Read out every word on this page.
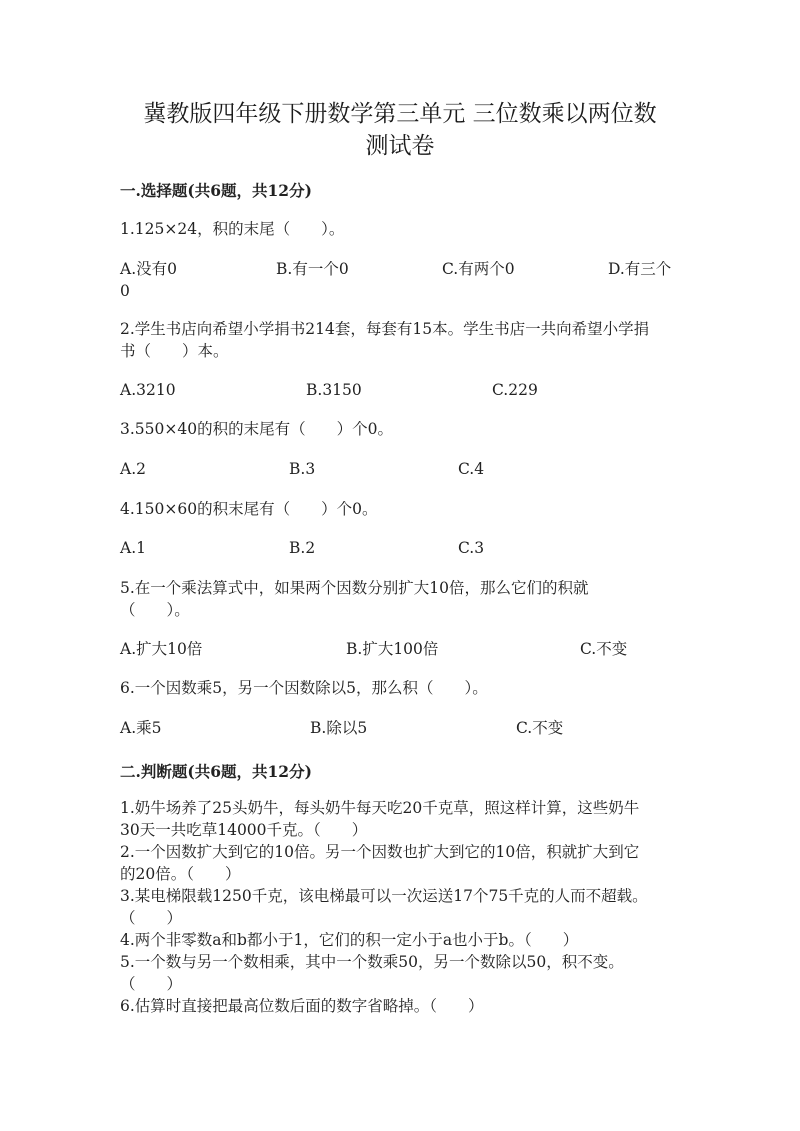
冀教版四年级下册数学第三单元 三位数乘以两位数
测试卷
一.选择题(共6题，共12分)
1.125×24，积的末尾（　　）。
A.没有0	B.有一个0	C.有两个0	D.有三个
0
2.学生书店向希望小学捐书214套，每套有15本。学生书店一共向希望小学捐
书（　　）本。
A.3210	B.3150	C.229
3.550×40的积的末尾有（　　）个0。
A.2	B.3	C.4
4.150×60的积末尾有（　　）个0。
A.1	B.2	C.3
5.在一个乘法算式中，如果两个因数分别扩大10倍，那么它们的积就
（　　）。
A.扩大10倍	B.扩大100倍	C.不变
6.一个因数乘5，另一个因数除以5，那么积（　　）。
A.乘5	B.除以5	C.不变
二.判断题(共6题，共12分)
1.奶牛场养了25头奶牛，每头奶牛每天吃20千克草，照这样计算，这些奶牛
30天一共吃草14000千克。（　　）
2.一个因数扩大到它的10倍。另一个因数也扩大到它的10倍，积就扩大到它
的20倍。（　　）
3.某电梯限载1250千克，该电梯最可以一次运送17个75千克的人而不超载。
（　　）
4.两个非零数a和b都小于1，它们的积一定小于a也小于b。（　　）
5.一个数与另一个数相乘，其中一个数乘50，另一个数除以50，积不变。
（　　）
6.估算时直接把最高位数后面的数字省略掉。（　　）
